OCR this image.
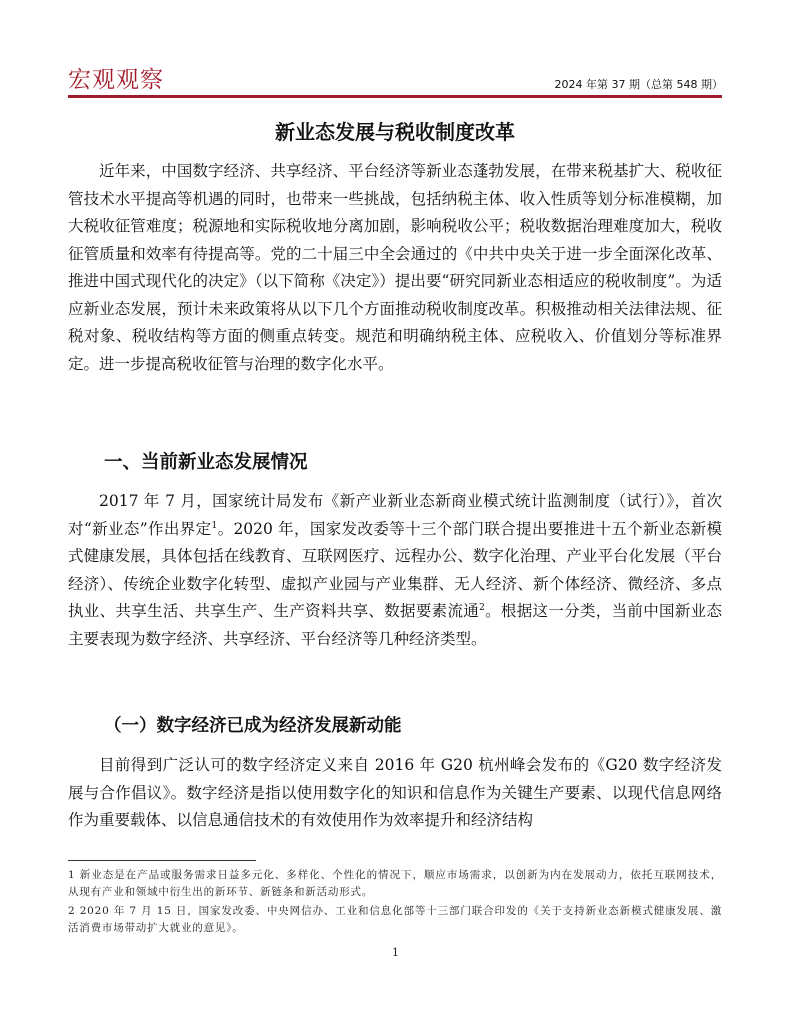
宏观观察	2024 年第 37 期（总第 548 期）
新业态发展与税收制度改革

近年来，中国数字经济、共享经济、平台经济等新业态蓬勃发展，在带来税基扩大、税收征管技术水平提高等机遇的同时，也带来一些挑战，包括纳税主体、收入性质等划分标准模糊，加大税收征管难度；税源地和实际税收地分离加剧，影响税收公平；税收数据治理难度加大，税收征管质量和效率有待提高等。党的二十届三中全会通过的《中共中央关于进一步全面深化改革、推进中国式现代化的决定》（以下简称《决定》）提出要“研究同新业态相适应的税收制度”。为适应新业态发展，预计未来政策将从以下几个方面推动税收制度改革。积极推动相关法律法规、征税对象、税收结构等方面的侧重点转变。规范和明确纳税主体、应税收入、价值划分等标准界定。进一步提高税收征管与治理的数字化水平。

一、当前新业态发展情况

2017 年 7 月，国家统计局发布《新产业新业态新商业模式统计监测制度（试行）》，首次对“新业态”作出界定$^1$。2020 年，国家发改委等十三个部门联合提出要推进十五个新业态新模式健康发展，具体包括在线教育、互联网医疗、远程办公、数字化治理、产业平台化发展（平台经济）、传统企业数字化转型、虚拟产业园与产业集群、无人经济、新个体经济、微经济、多点执业、共享生活、共享生产、生产资料共享、数据要素流通$^2$。根据这一分类，当前中国新业态主要表现为数字经济、共享经济、平台经济等几种经济类型。

（一）数字经济已成为经济发展新动能

目前得到广泛认可的数字经济定义来自 2016 年 G20 杭州峰会发布的《G20 数字经济发展与合作倡议》。数字经济是指以使用数字化的知识和信息作为关键生产要素、以现代信息网络作为重要载体、以信息通信技术的有效使用作为效率提升和经济结构

1 新业态是在产品或服务需求日益多元化、多样化、个性化的情况下，顺应市场需求，以创新为内在发展动力，依托互联网技术，从现有产业和领域中衍生出的新环节、新链条和新活动形式。

2 2020 年 7 月 15 日，国家发改委、中央网信办、工业和信息化部等十三部门联合印发的《关于支持新业态新模式健康发展、激活消费市场带动扩大就业的意见》。

1
